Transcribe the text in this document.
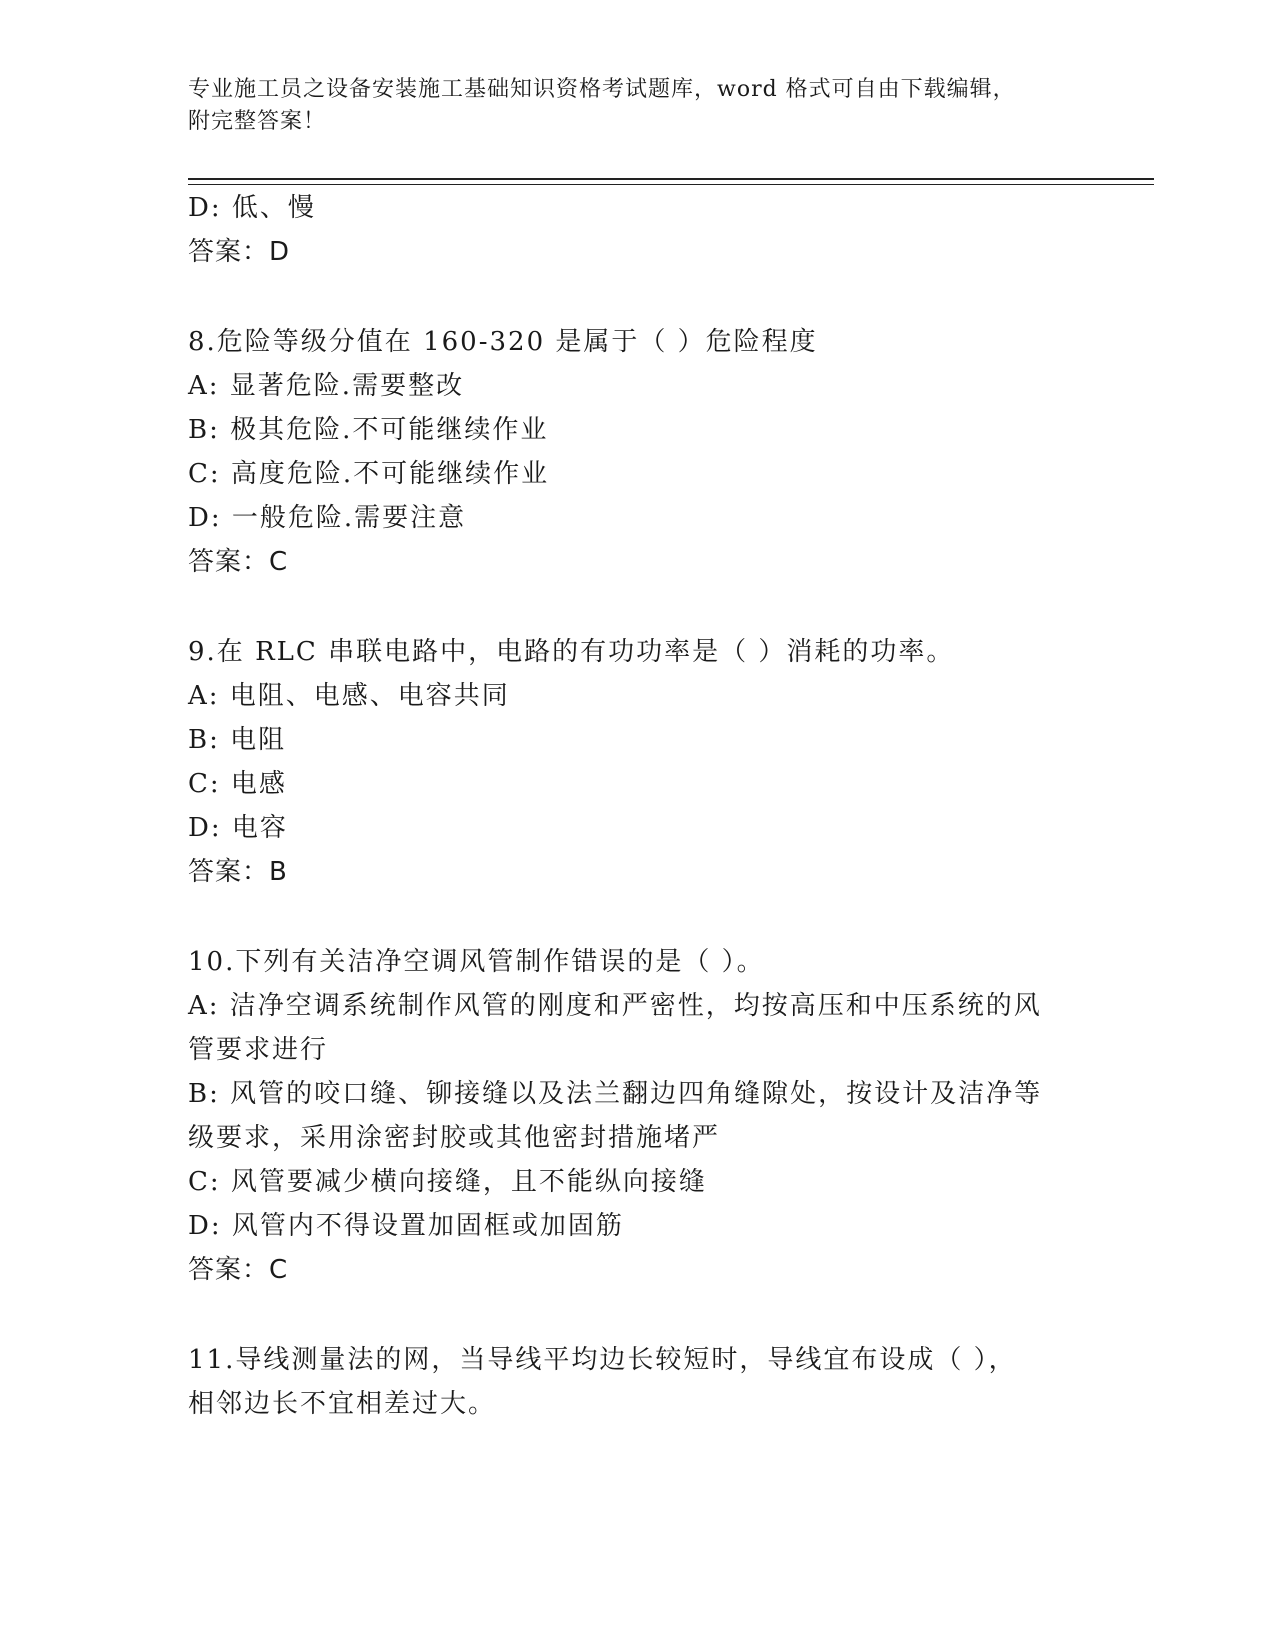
专业施工员之设备安装施工基础知识资格考试题库，word 格式可自由下载编辑，
附完整答案！
D: 低、慢
答案：D
8.危险等级分值在 160-320 是属于（ ）危险程度
A: 显著危险.需要整改
B: 极其危险.不可能继续作业
C: 高度危险.不可能继续作业
D: 一般危险.需要注意
答案：C
9.在 RLC 串联电路中，电路的有功功率是（ ）消耗的功率。
A: 电阻、电感、电容共同
B: 电阻
C: 电感
D: 电容
答案：B
10.下列有关洁净空调风管制作错误的是（ ）。
A: 洁净空调系统制作风管的刚度和严密性，均按高压和中压系统的风
管要求进行
B: 风管的咬口缝、铆接缝以及法兰翻边四角缝隙处，按设计及洁净等
级要求，采用涂密封胶或其他密封措施堵严
C: 风管要减少横向接缝，且不能纵向接缝
D: 风管内不得设置加固框或加固筋
答案：C
11.导线测量法的网，当导线平均边长较短时，导线宜布设成（ ），
相邻边长不宜相差过大。
